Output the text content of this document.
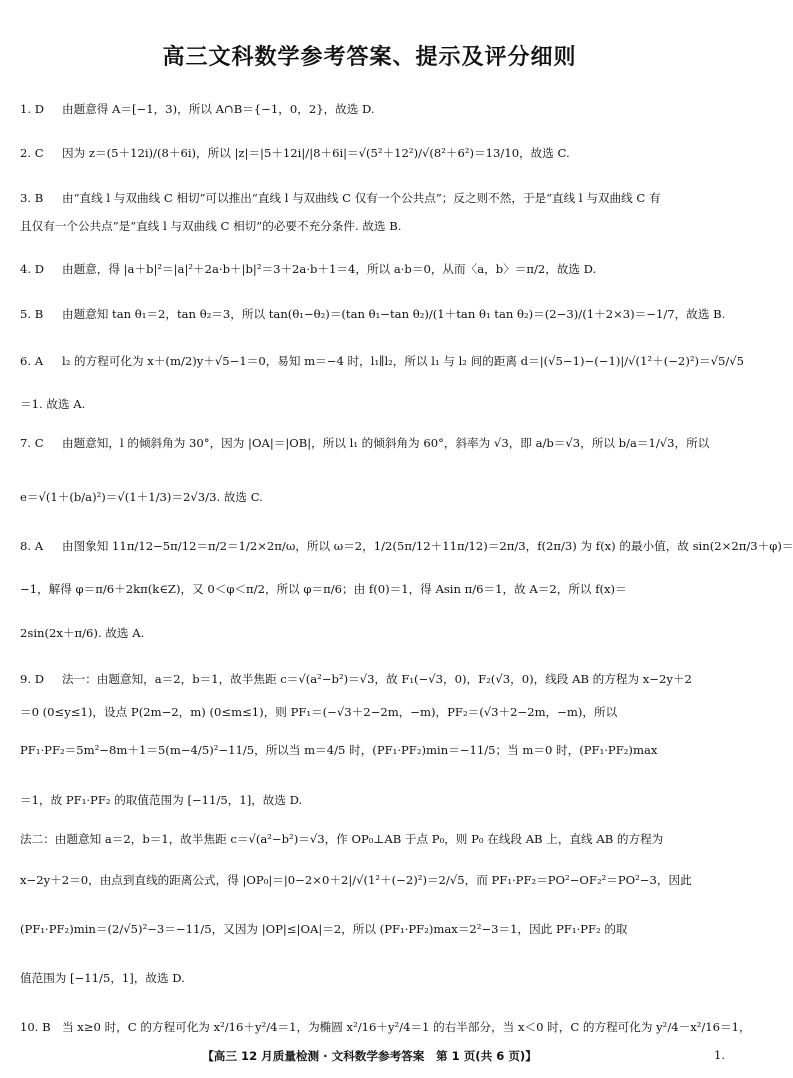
高三文科数学参考答案、提示及评分细则
1. D 由题意得 A＝[−1，3)，所以 A∩B＝{−1，0，2}，故选 D.
2. C 因为 z＝(5＋12i)/(8＋6i)，所以 |z|＝|5＋12i|/|8＋6i|＝√(5²＋12²)/√(8²＋6²)＝13/10，故选 C.
3. B 由“直线 l 与双曲线 C 相切”可以推出“直线 l 与双曲线 C 仅有一个公共点”；反之则不然，于是“直线 l 与双曲线 C 有
且仅有一个公共点”是“直线 l 与双曲线 C 相切”的必要不充分条件. 故选 B.
4. D 由题意，得 |a＋b|²＝|a|²＋2a·b＋|b|²＝3＋2a·b＋1＝4，所以 a·b＝0，从而〈a，b〉＝π/2，故选 D.
5. B 由题意知 tan θ₁＝2，tan θ₂＝3，所以 tan(θ₁−θ₂)＝(tan θ₁−tan θ₂)/(1＋tan θ₁ tan θ₂)＝(2−3)/(1＋2×3)＝−1/7，故选 B.
6. A l₂ 的方程可化为 x＋(m/2)y＋√5−1＝0，易知 m＝−4 时，l₁∥l₂，所以 l₁ 与 l₂ 间的距离 d＝|(√5−1)−(−1)|/√(1²＋(−2)²)＝√5/√5
＝1. 故选 A.
7. C 由题意知，l 的倾斜角为 30°，因为 |OA|＝|OB|，所以 l₁ 的倾斜角为 60°，斜率为 √3，即 a/b＝√3，所以 b/a＝1/√3，所以
e＝√(1＋(b/a)²)＝√(1＋1/3)＝2√3/3. 故选 C.
8. A 由图象知 11π/12−5π/12＝π/2＝1/2×2π/ω，所以 ω＝2，1/2(5π/12＋11π/12)＝2π/3，f(2π/3) 为 f(x) 的最小值，故 sin(2×2π/3＋φ)＝
−1，解得 φ＝π/6＋2kπ(k∈Z)，又 0＜φ＜π/2，所以 φ＝π/6；由 f(0)＝1，得 Asin π/6＝1，故 A＝2，所以 f(x)＝
2sin(2x＋π/6). 故选 A.
9. D 法一：由题意知，a＝2，b＝1，故半焦距 c＝√(a²−b²)＝√3，故 F₁(−√3，0)，F₂(√3，0)，线段 AB 的方程为 x−2y＋2
＝0 (0≤y≤1)，设点 P(2m−2，m) (0≤m≤1)，则 PF₁＝(−√3＋2−2m，−m)，PF₂＝(√3＋2−2m，−m)，所以
PF₁·PF₂＝5m²−8m＋1＝5(m−4/5)²−11/5，所以当 m＝4/5 时，(PF₁·PF₂)min＝−11/5；当 m＝0 时，(PF₁·PF₂)max
＝1，故 PF₁·PF₂ 的取值范围为 [−11/5，1]，故选 D.
法二：由题意知 a＝2，b＝1，故半焦距 c＝√(a²−b²)＝√3，作 OP₀⊥AB 于点 P₀，则 P₀ 在线段 AB 上，直线 AB 的方程为
x−2y＋2＝0，由点到直线的距离公式，得 |OP₀|＝|0−2×0＋2|/√(1²＋(−2)²)＝2/√5，而 PF₁·PF₂＝PO²−OF₂²＝PO²−3，因此
(PF₁·PF₂)min＝(2/√5)²−3＝−11/5，又因为 |OP|≤|OA|＝2，所以 (PF₁·PF₂)max＝2²−3＝1，因此 PF₁·PF₂ 的取
值范围为 [−11/5，1]，故选 D.
10. B 当 x≥0 时，C 的方程可化为 x²/16＋y²/4＝1，为椭圆 x²/16＋y²/4＝1 的右半部分，当 x＜0 时，C 的方程可化为 y²/4－x²/16＝1，
【高三 12 月质量检测 · 文科数学参考答案　第 1 页(共 6 页)】	1.
